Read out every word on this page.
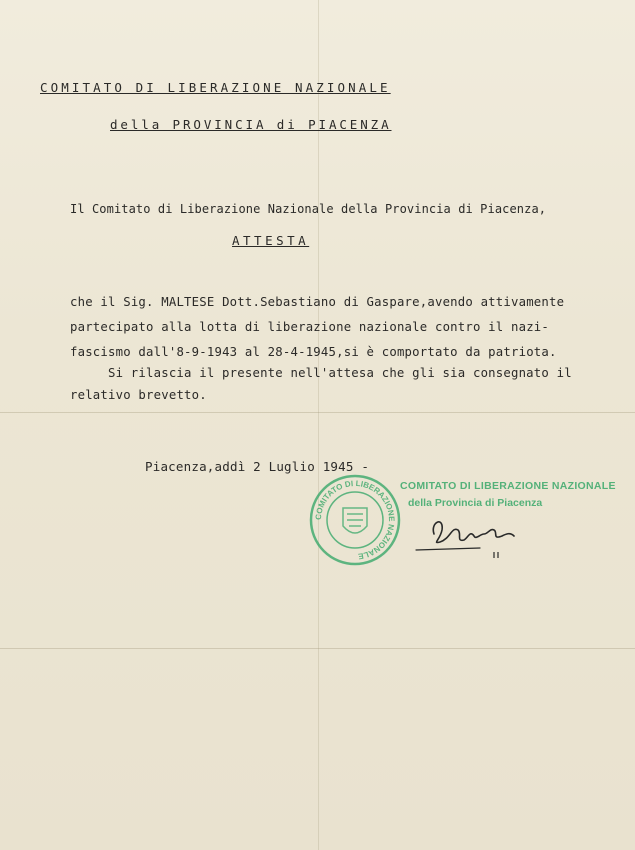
COMITATO DI LIBERAZIONE NAZIONALE
della PROVINCIA di PIACENZA
Il Comitato di Liberazione Nazionale della Provincia di Piacenza,
ATTESTA
che il Sig. MALTESE Dott.Sebastiano di Gaspare,avendo attivamente
partecipato alla lotta di liberazione nazionale contro il nazi-
fascismo dall'8-9-1943 al 28-4-1945,si è comportato da patriota.
Si rilascia il presente nell'attesa che gli sia consegnato il
relativo brevetto.
Piacenza,addì 2 Luglio 1945 -
COMITATO DI LIBERAZIONE NAZIONALE
COMITATO DI LIBERAZIONE NAZIONALE
della Provincia di Piacenza
